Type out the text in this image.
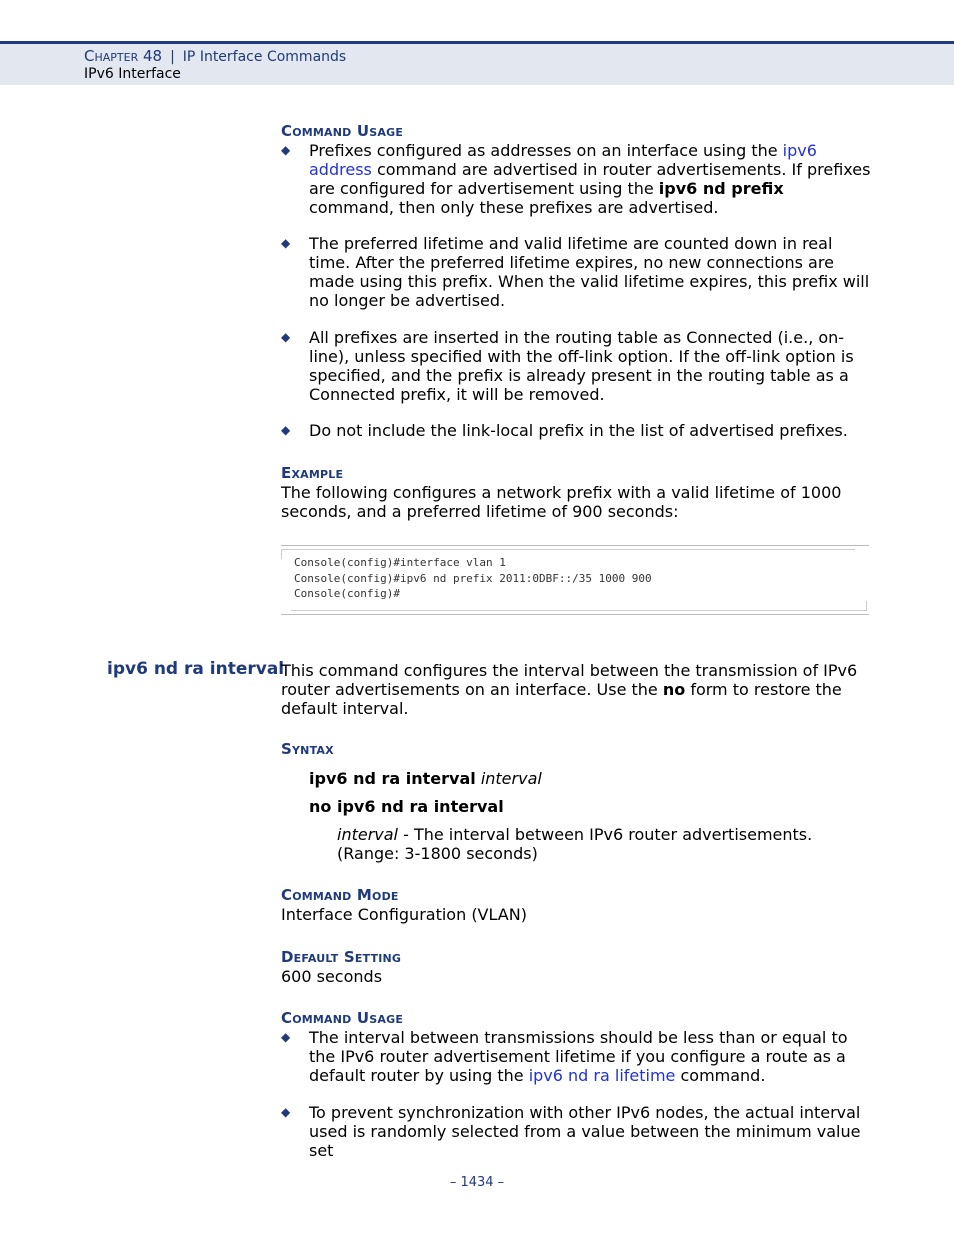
Chapter 48 | IP Interface Commands
IPv6 Interface
Command Usage
◆ Prefixes configured as addresses on an interface using the ipv6 address command are advertised in router advertisements. If prefixes are configured for advertisement using the ipv6 nd prefix command, then only these prefixes are advertised.
◆ The preferred lifetime and valid lifetime are counted down in real time. After the preferred lifetime expires, no new connections are made using this prefix. When the valid lifetime expires, this prefix will no longer be advertised.
◆ All prefixes are inserted in the routing table as Connected (i.e., on-line), unless specified with the off-link option. If the off-link option is specified, and the prefix is already present in the routing table as a Connected prefix, it will be removed.
◆ Do not include the link-local prefix in the list of advertised prefixes.
Example
The following configures a network prefix with a valid lifetime of 1000 seconds, and a preferred lifetime of 900 seconds:
Console(config)#interface vlan 1
Console(config)#ipv6 nd prefix 2011:0DBF::/35 1000 900
Console(config)#
ipv6 nd ra interval
This command configures the interval between the transmission of IPv6 router advertisements on an interface. Use the no form to restore the default interval.
Syntax
ipv6 nd ra interval interval
no ipv6 nd ra interval
interval - The interval between IPv6 router advertisements. (Range: 3-1800 seconds)
Command Mode
Interface Configuration (VLAN)
Default Setting
600 seconds
Command Usage
◆ The interval between transmissions should be less than or equal to the IPv6 router advertisement lifetime if you configure a route as a default router by using the ipv6 nd ra lifetime command.
◆ To prevent synchronization with other IPv6 nodes, the actual interval used is randomly selected from a value between the minimum value set
– 1434 –
